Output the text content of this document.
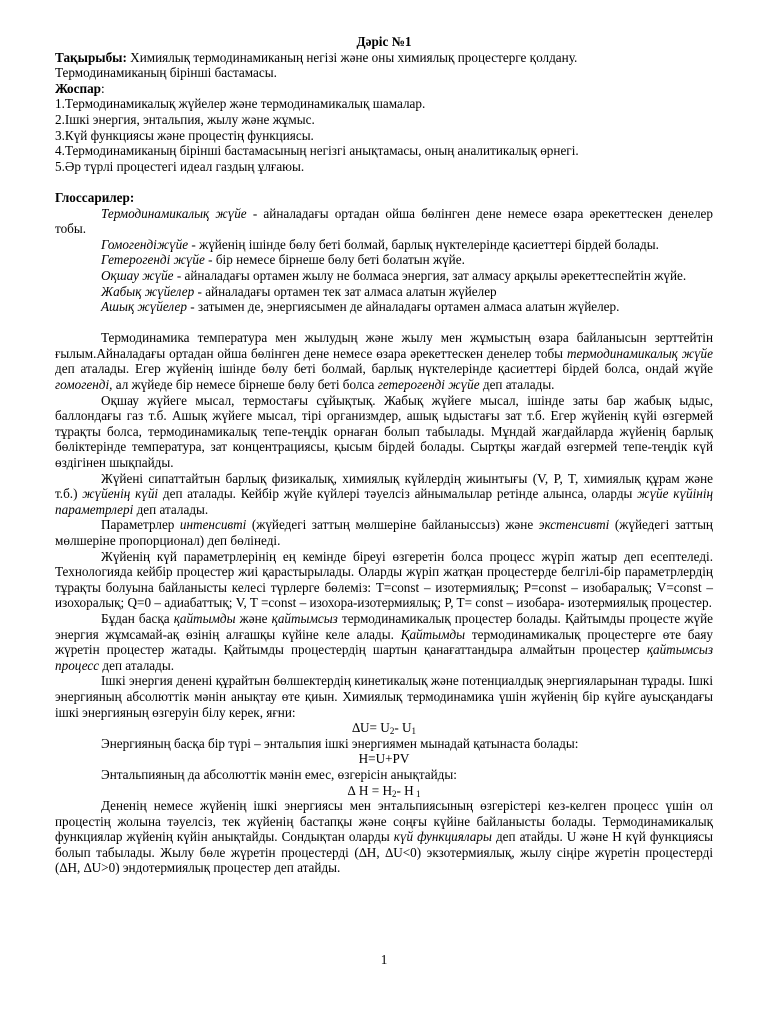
Дәріс №1

Тақырыбы: Химиялық термодинамиканың негізі және оны химиялық процестерге қолдану.

Термодинамиканың бірінші бастамасы.

Жоспар:

1.Термодинамикалық жүйелер және термодинамикалық шамалар.

2.Ішкі энергия, энтальпия, жылу және жұмыс.

3.Күй функциясы және процестің функциясы.

4.Термодинамиканың бірінші бастамасының негізгі анықтамасы, оның аналитикалық өрнегі.

5.Әр түрлі процестегі идеал газдың ұлғаюы.

Глоссарилер:

Термодинамикалық жүйе - айналадағы ортадан ойша бөлінген дене немесе өзара әрекеттескен денелер тобы.

Гомогендіжүйе - жүйенің ішінде бөлу беті болмай, барлық нүктелерінде қасиеттері бірдей болады.

Гетерогенді жүйе - бір немесе бірнеше бөлу беті болатын жүйе.

Оқшау жүйе - айналадағы ортамен жылу не болмаса энергия, зат алмасу арқылы әрекеттеспейтін жүйе.

Жабық жүйелер - айналадағы ортамен тек зат алмаса алатын жүйелер

Ашық жүйелер - затымен де, энергиясымен де айналадағы ортамен алмаса алатын жүйелер.

Термодинамика температура мен жылудың және жылу мен жұмыстың өзара байланысын зерттейтін ғылым.Айналадағы ортадан ойша бөлінген дене немесе өзара әрекеттескен денелер тобы термодинамикалық жүйе деп аталады. Егер жүйенің ішінде бөлу беті болмай, барлық нүктелерінде қасиеттері бірдей болса, ондай жүйе гомогенді, ал жүйеде бір немесе бірнеше бөлу беті болса гетерогенді жүйе деп аталады.

Оқшау жүйеге мысал, термостағы сұйықтық. Жабық жүйеге мысал, ішінде заты бар жабық ыдыс, баллондағы газ т.б. Ашық жүйеге мысал, тірі организмдер, ашық ыдыстағы зат т.б. Егер жүйенің күйі өзгермей тұрақты болса, термодинамикалық тепе-теңдік орнаған болып табылады. Мұндай жағдайларда жүйенің барлық бөліктерінде температура, зат концентрациясы, қысым бірдей болады. Сыртқы жағдай өзгермей тепе-теңдік күй өздігінен шықпайды.

Жүйені сипаттайтын барлық физикалық, химиялық күйлердің жиынтығы (V, P, T, химиялық құрам және т.б.) жүйенің күйі деп аталады. Кейбір жүйе күйлері тәуелсіз айнымалылар ретінде алынса, оларды жүйе күйінің параметрлері деп аталады.

Параметрлер интенсивті (жүйедегі заттың мөлшеріне байланыссыз) және экстенсивті (жүйедегі заттың мөлшеріне пропорционал) деп бөлінеді.

Жүйенің күй параметрлерінің ең кемінде біреуі өзгеретін болса процесс жүріп жатыр деп есептеледі. Технологияда кейбір процестер жиі қарастырылады. Оларды жүріп жатқан процестерде белгілі-бір параметрлердің тұрақты болуына байланысты келесі түрлерге бөлеміз: T=const – изотермиялық; P=const – изобаралық; V=const – изохоралық; Q=0 – адиабаттық; V, T =const – изохора-изотермиялық; P, T= const – изобара- изотермиялық процестер.

Бұдан басқа қайтымды және қайтымсыз термодинамикалық процестер болады. Қайтымды процесте жүйе энергия жұмсамай-ақ өзінің алғашқы күйіне келе алады. Қайтымды термодинамикалық процестерге өте баяу жүретін процестер жатады. Қайтымды процестердің шартын қанағаттандыра алмайтын процестер қайтымсыз процесс деп аталады.

Ішкі энергия денені құрайтын бөлшектердің кинетикалық және потенциалдық энергияларынан тұрады. Ішкі энергияның абсолюттік мәнін анықтау өте қиын. Химиялық термодинамика үшін жүйенің бір күйге ауысқандағы ішкі энергияның өзгеруін білу керек, яғни:

$\Delta U= U_2-$ $U_1$

Энергияның басқа бір түрі – энтальпия ішкі энергиямен мынадай қатынаста болады:

H=U+PV

Энтальпияның да абсолюттік мәнін емес, өзгерісін анықтайды:

∆ $H = H_2-$ H $_1$

Дененің немесе жүйенің ішкі энергиясы мен энтальпиясының өзгерістері кез-келген процесс үшін ол процестің жолына тәуелсіз, тек жүйенің бастапқы және соңғы күйіне байланысты болады. Термодинамикалық функциялар жүйенің күйін анықтайды. Сондықтан оларды күй функциялары деп атайды. U және H күй функциясы болып табылады. Жылу бөле жүретін процестерді (∆H, ∆U<0) экзотермиялық, жылу сіңіре жүретін процестерді (∆H, ∆U>0) эндотермиялық процестер деп атайды.

1
